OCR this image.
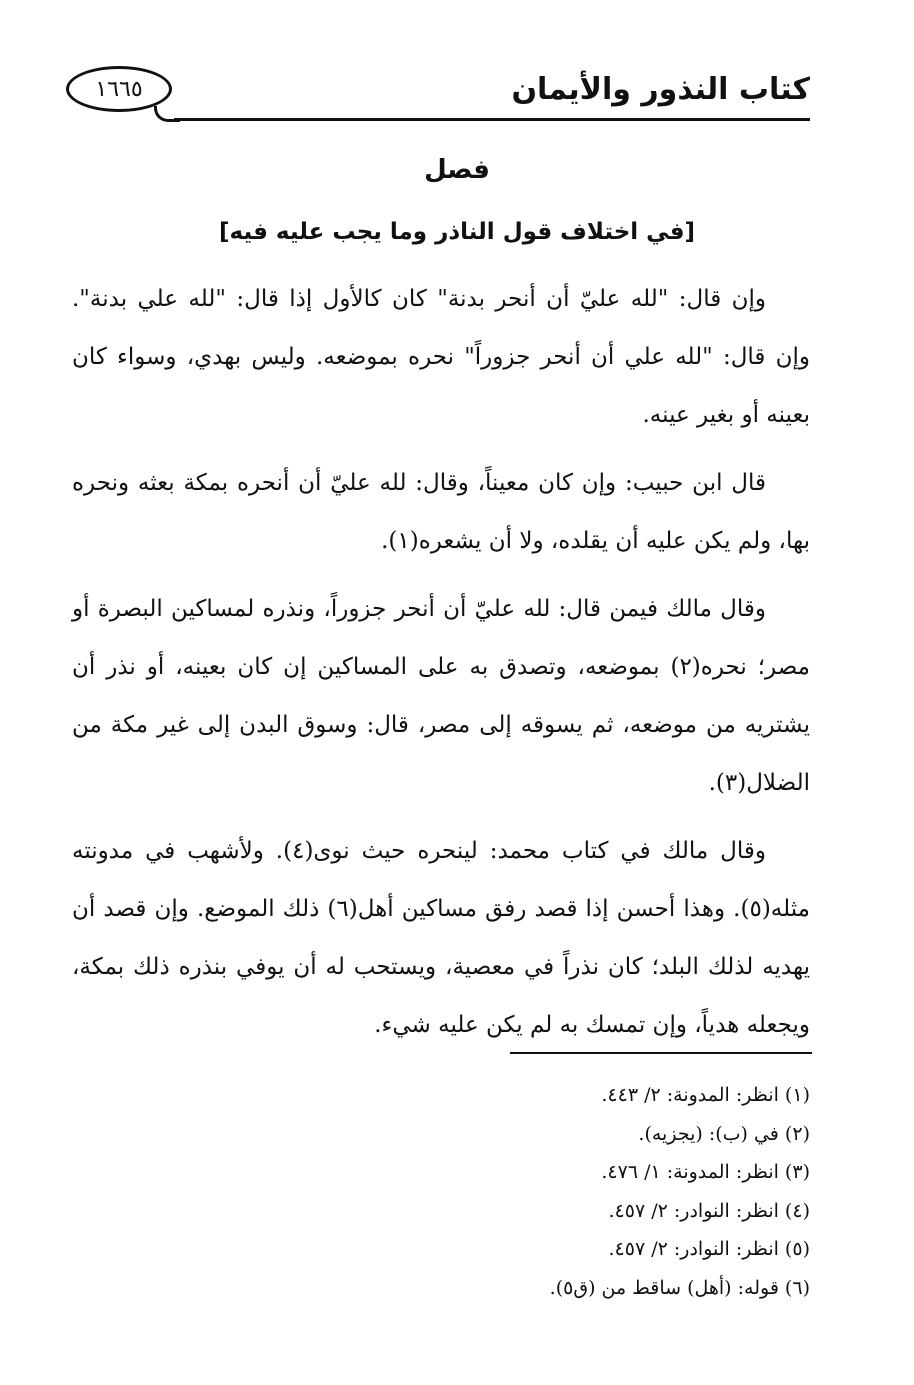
كتاب النذور والأيمان
١٦٦٥
فصل
[في اختلاف قول الناذر وما يجب عليه فيه]

وإن قال: "لله عليّ أن أنحر بدنة" كان كالأول إذا قال: "لله علي بدنة". وإن قال: "لله علي أن أنحر جزوراً" نحره بموضعه. وليس بهدي، وسواء كان بعينه أو بغير عينه.

قال ابن حبيب: وإن كان معيناً، وقال: لله عليّ أن أنحره بمكة بعثه ونحره بها، ولم يكن عليه أن يقلده، ولا أن يشعره(١).

وقال مالك فيمن قال: لله عليّ أن أنحر جزوراً، ونذره لمساكين البصرة أو مصر؛ نحره(٢) بموضعه، وتصدق به على المساكين إن كان بعينه، أو نذر أن يشتريه من موضعه، ثم يسوقه إلى مصر، قال: وسوق البدن إلى غير مكة من الضلال(٣).

وقال مالك في كتاب محمد: لينحره حيث نوى(٤). ولأشهب في مدونته مثله(٥). وهذا أحسن إذا قصد رفق مساكين أهل(٦) ذلك الموضع. وإن قصد أن يهديه لذلك البلد؛ كان نذراً في معصية، ويستحب له أن يوفي بنذره ذلك بمكة، ويجعله هدياً، وإن تمسك به لم يكن عليه شيء.

(١) انظر: المدونة: ٢/ ٤٤٣.
(٢) في (ب): (يجزيه).
(٣) انظر: المدونة: ١/ ٤٧٦.
(٤) انظر: النوادر: ٢/ ٤٥٧.
(٥) انظر: النوادر: ٢/ ٤٥٧.
(٦) قوله: (أهل) ساقط من (ق٥).
